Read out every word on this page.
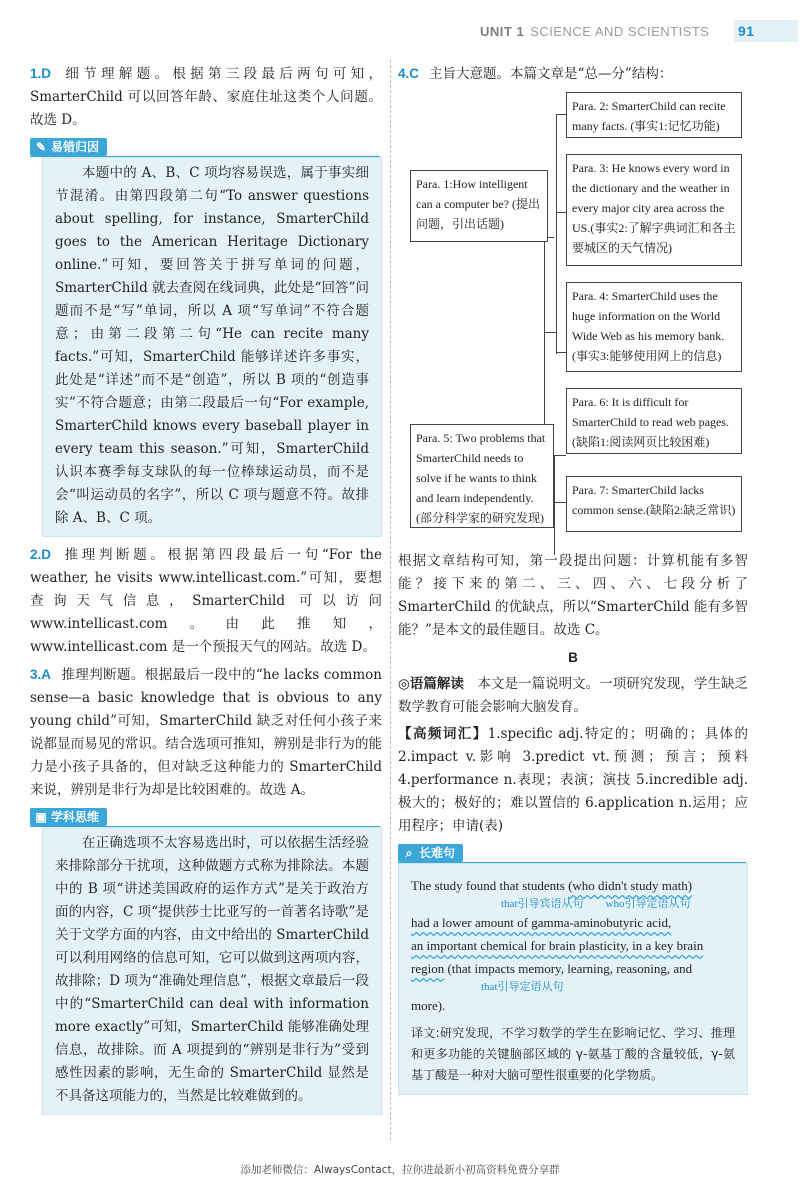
UNIT 1 SCIENCE AND SCIENTISTS 91

1.D 细节理解题。根据第三段最后两句可知，SmarterChild 可以回答年龄、家庭住址这类个人问题。故选 D。

✎ 易错归因

本题中的 A、B、C 项均容易误选，属于事实细节混淆。由第四段第二句“To answer questions about spelling, for instance, SmarterChild goes to the American Heritage Dictionary online.”可知，要回答关于拼写单词的问题，SmarterChild 就去查阅在线词典，此处是“回答”问题而不是“写”单词，所以 A 项“写单词”不符合题意；由第二段第二句“He can recite many facts.”可知，SmarterChild 能够详述许多事实，此处是“详述”而不是“创造”，所以 B 项的“创造事实”不符合题意；由第二段最后一句“For example, SmarterChild knows every baseball player in every team this season.”可知，SmarterChild 认识本赛季每支球队的每一位棒球运动员，而不是会“叫运动员的名字”，所以 C 项与题意不符。故排除 A、B、C 项。

2.D 推理判断题。根据第四段最后一句“For the weather, he visits www.intellicast.com.”可知，要想查询天气信息，SmarterChild 可以访问 www.intellicast.com。由此推知，www.intellicast.com 是一个预报天气的网站。故选 D。

3.A 推理判断题。根据最后一段中的“he lacks common sense—a basic knowledge that is obvious to any young child”可知，SmarterChild 缺乏对任何小孩子来说都显而易见的常识。结合选项可推知，辨别是非行为的能力是小孩子具备的，但对缺乏这种能力的 SmarterChild 来说，辨别是非行为却是比较困难的。故选 A。

▣ 学科思维

在正确选项不太容易选出时，可以依据生活经验来排除部分干扰项，这种做题方式称为排除法。本题中的 B 项“讲述美国政府的运作方式”是关于政治方面的内容，C 项“提供莎士比亚写的一首著名诗歌”是关于文学方面的内容，由文中给出的 SmarterChild 可以利用网络的信息可知，它可以做到这两项内容，故排除；D 项为“准确处理信息”，根据文章最后一段中的“SmarterChild can deal with information more exactly”可知，SmarterChild 能够准确处理信息，故排除。而 A 项提到的“辨别是非行为”受到感性因素的影响，无生命的 SmarterChild 显然是不具备这项能力的，当然是比较难做到的。

4.C 主旨大意题。本篇文章是“总—分”结构：
Para. 1:How intelligent can a computer be? (提出问题，引出话题)
Para. 2: SmarterChild can recite many facts. (事实1:记忆功能)
Para. 3: He knows every word in the dictionary and the weather in every major city area across the US.(事实2:了解字典词汇和各主要城区的天气情况)
Para. 4: SmarterChild uses the huge information on the World Wide Web as his memory bank. (事实3:能够使用网上的信息)
Para. 5: Two problems that SmarterChild needs to solve if he wants to think and learn independently. (部分科学家的研究发现)
Para. 6: It is difficult for SmarterChild to read web pages.(缺陷1:阅读网页比较困难)
Para. 7: SmarterChild lacks common sense.(缺陷2:缺乏常识)

根据文章结构可知，第一段提出问题：计算机能有多智能？接下来的第二、三、四、六、七段分析了 SmarterChild 的优缺点，所以“SmarterChild 能有多智能？”是本文的最佳题目。故选 C。

B

◎语篇解读　 本文是一篇说明文。一项研究发现，学生缺乏数学教育可能会影响大脑发育。

【高频词汇】1.specific adj.特定的；明确的；具体的 2.impact v.影响 3.predict vt.预测；预言；预料 4.performance n.表现；表演；演技 5.incredible adj.极大的；极好的；难以置信的 6.application n.运用；应用程序；申请(表)

⌕ 长难句
The study found that students (who didn't study math)
that引导宾语从句　　 who引导定语从句
had a lower amount of gamma-aminobutyric acid,
an important chemical for brain plasticity, in a key brain
region (that impacts memory, learning, reasoning, and
that引导定语从句
more).
译文:研究发现，不学习数学的学生在影响记忆、学习、推理和更多功能的关键脑部区域的 γ-氨基丁酸的含量较低，γ-氨基丁酸是一种对大脑可塑性很重要的化学物质。
添加老师微信：AlwaysContact，拉你进最新小初高资料免费分享群
